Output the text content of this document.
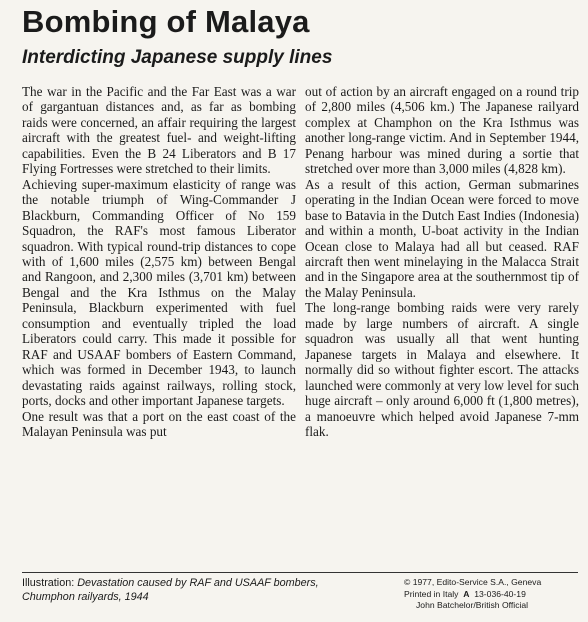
Bombing of Malaya
Interdicting Japanese supply lines

The war in the Pacific and the Far East was a war of gargantuan distances and, as far as bombing raids were concerned, an affair requiring the largest aircraft with the greatest fuel- and weight-lifting capabilities. Even the B 24 Liberators and B 17 Flying Fortresses were stretched to their limits.

Achieving super-maximum elasticity of range was the notable triumph of Wing-Commander J Blackburn, Commanding Officer of No 159 Squadron, the RAF's most famous Liberator squadron. With typical round-trip distances to cope with of 1,600 miles (2,575 km) between Bengal and Rangoon, and 2,300 miles (3,701 km) between Bengal and the Kra Isthmus on the Malay Peninsula, Blackburn experimented with fuel consumption and eventually tripled the load Liberators could carry. This made it possible for RAF and USAAF bombers of Eastern Command, which was formed in December 1943, to launch devastating raids against railways, rolling stock, ports, docks and other important Japanese targets.

One result was that a port on the east coast of the Malayan Peninsula was put

out of action by an aircraft engaged on a round trip of 2,800 miles (4,506 km.) The Japanese railyard complex at Champhon on the Kra Isthmus was another long-range victim. And in September 1944, Penang harbour was mined during a sortie that stretched over more than 3,000 miles (4,828 km).

As a result of this action, German submarines operating in the Indian Ocean were forced to move base to Batavia in the Dutch East Indies (Indonesia) and within a month, U-boat activity in the Indian Ocean close to Malaya had all but ceased. RAF aircraft then went minelaying in the Malacca Strait and in the Singapore area at the southernmost tip of the Malay Peninsula.

The long-range bombing raids were very rarely made by large numbers of aircraft. A single squadron was usually all that went hunting Japanese targets in Malaya and elsewhere. It normally did so without fighter escort. The attacks launched were commonly at very low level for such huge aircraft – only around 6,000 ft (1,800 metres), a manoeuvre which helped avoid Japanese 7-mm flak.

Illustration: Devastation caused by RAF and USAAF bombers, Chumphon railyards, 1944
© 1977, Edito-Service S.A., Geneva
Printed in Italy A 13-036-40-19
John Batchelor/British Official
